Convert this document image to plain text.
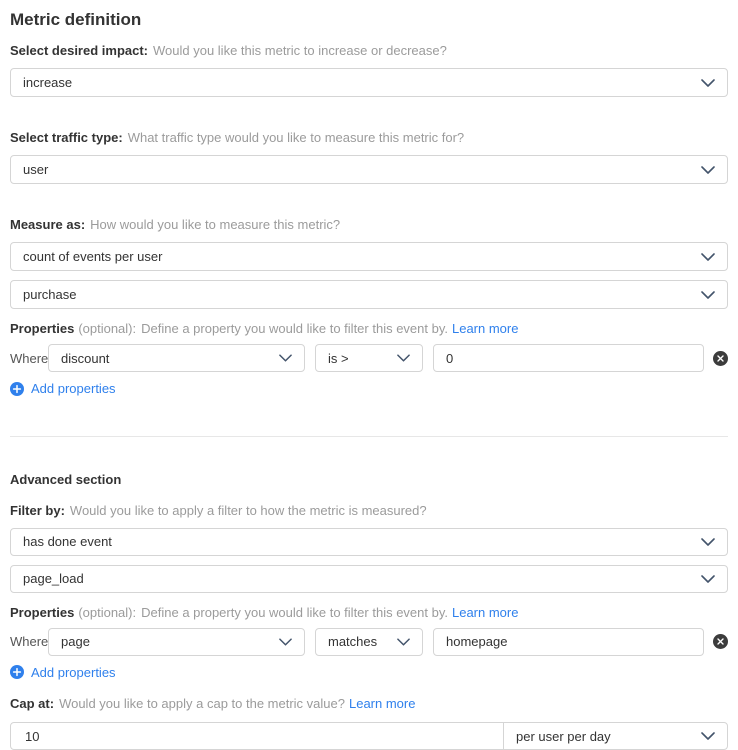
Metric definition
Select desired impact: Would you like this metric to increase or decrease?
increase
Select traffic type: What traffic type would you like to measure this metric for?
user
Measure as: How would you like to measure this metric?
count of events per user
purchase
Properties (optional): Define a property you would like to filter this event by. Learn more
Where discount	is >
0
Add properties
Advanced section
Filter by: Would you like to apply a filter to how the metric is measured?
has done event
page_load
Properties (optional): Define a property you would like to filter this event by. Learn more
Where page	matches
homepage
Add properties
Cap at: Would you like to apply a cap to the metric value? Learn more
10
per user per day
